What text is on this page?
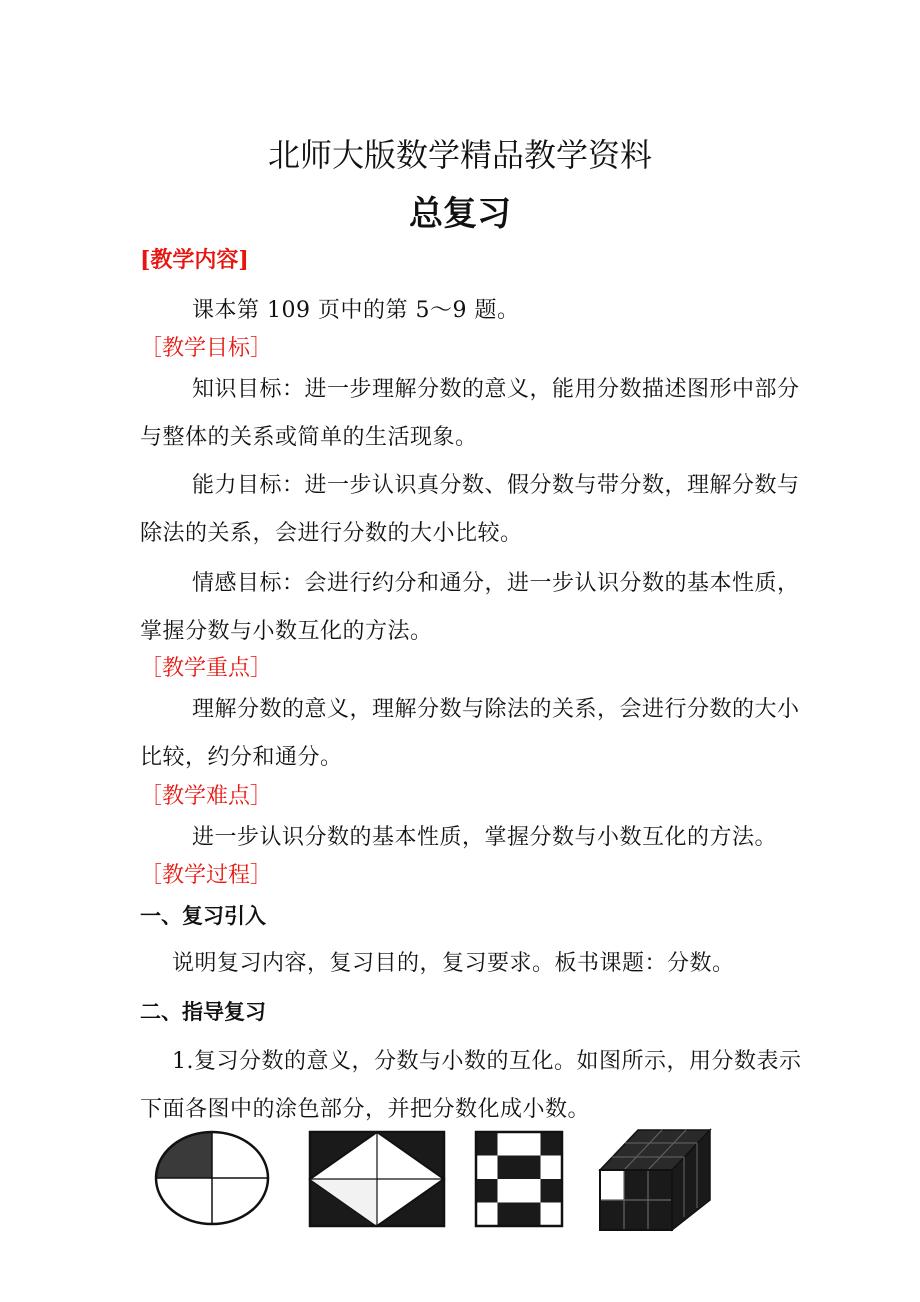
北师大版数学精品教学资料
总复习
[教学内容]
课本第 109 页中的第 5～9 题。
［教学目标］
知识目标：进一步理解分数的意义，能用分数描述图形中部分
与整体的关系或简单的生活现象。
能力目标：进一步认识真分数、假分数与带分数，理解分数与
除法的关系，会进行分数的大小比较。
情感目标：会进行约分和通分，进一步认识分数的基本性质，
掌握分数与小数互化的方法。
［教学重点］
理解分数的意义，理解分数与除法的关系，会进行分数的大小
比较，约分和通分。
［教学难点］
进一步认识分数的基本性质，掌握分数与小数互化的方法。
［教学过程］
一、复习引入
说明复习内容，复习目的，复习要求。板书课题：分数。
二、指导复习
1.复习分数的意义，分数与小数的互化。如图所示，用分数表示
下面各图中的涂色部分，并把分数化成小数。
